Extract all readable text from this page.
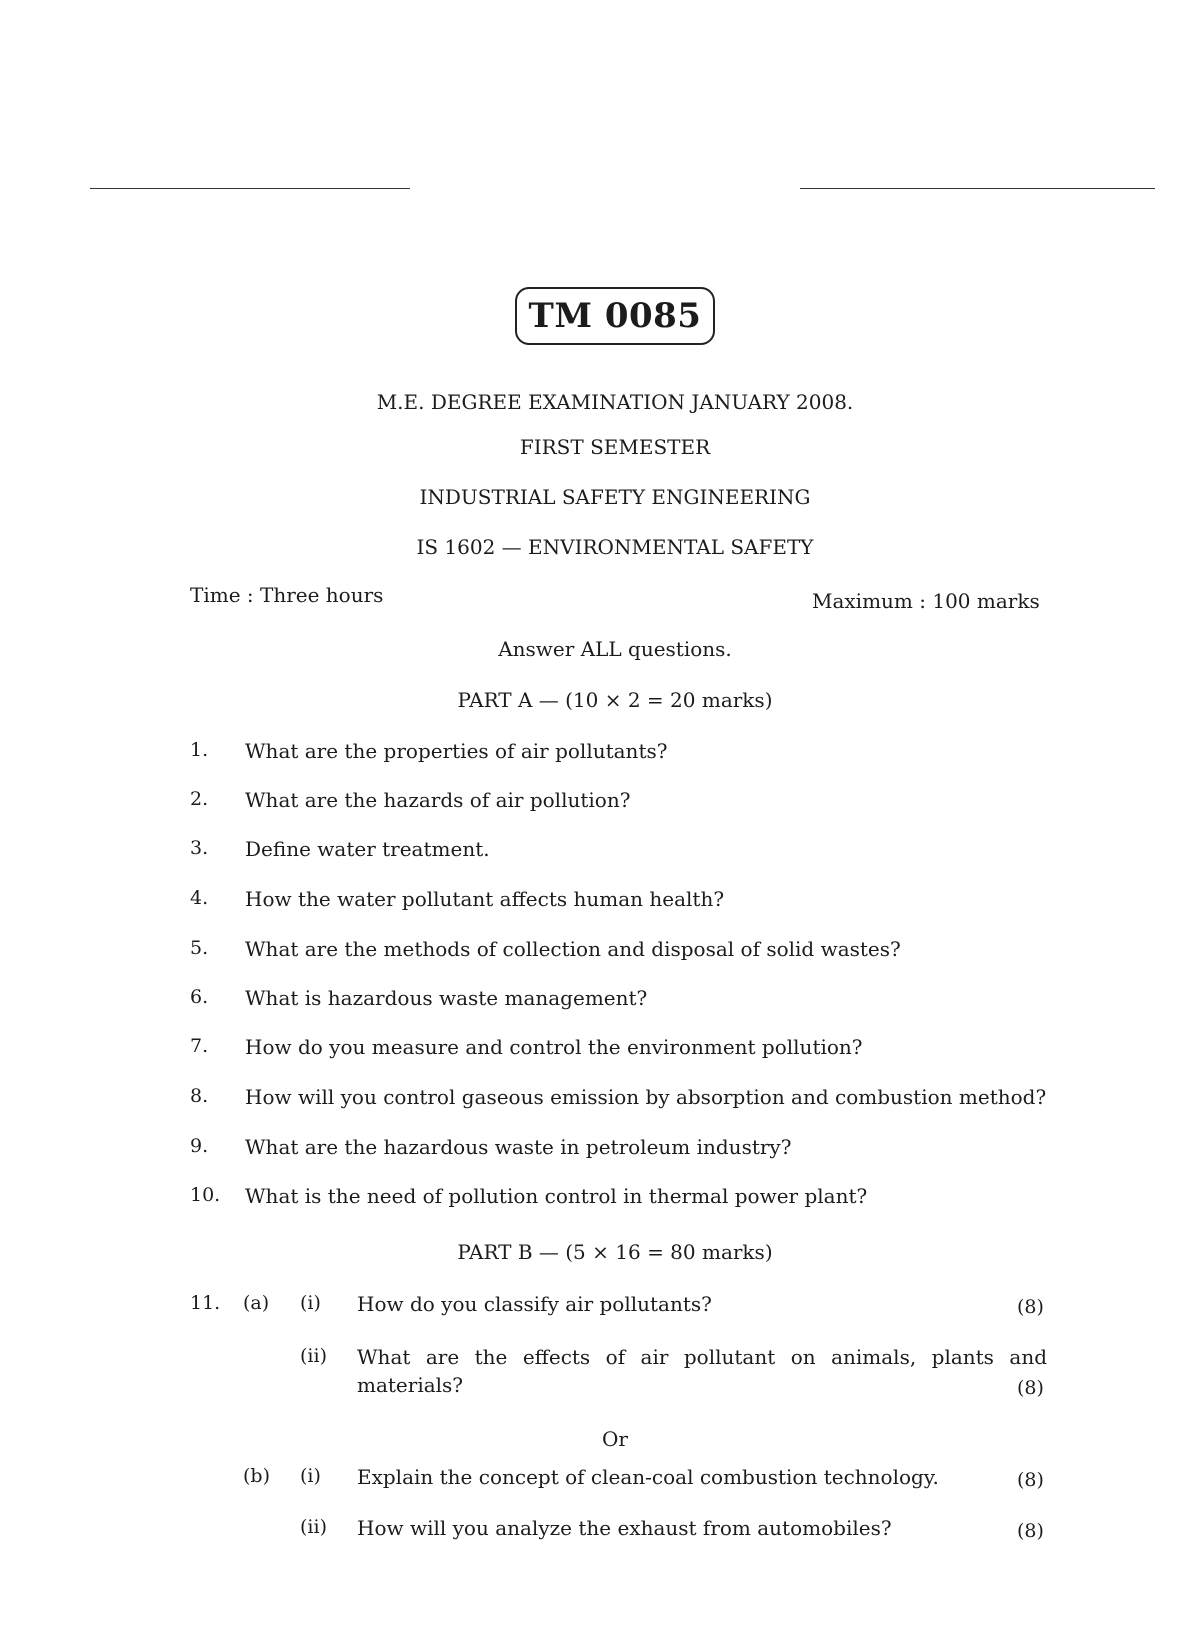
TM 0085
M.E. DEGREE EXAMINATION JANUARY 2008.
FIRST SEMESTER
INDUSTRIAL SAFETY ENGINEERING
IS 1602 — ENVIRONMENTAL SAFETY
Time : Three hours	Maximum : 100 marks
Answer ALL questions.
PART A — (10 × 2 = 20 marks)
1. What are the properties of air pollutants?
2. What are the hazards of air pollution?
3. Define water treatment.
4. How the water pollutant affects human health?
5. What are the methods of collection and disposal of solid wastes?
6. What is hazardous waste management?
7. How do you measure and control the environment pollution?
8. How will you control gaseous emission by absorption and combustion method?
9. What are the hazardous waste in petroleum industry?
10. What is the need of pollution control in thermal power plant?
PART B — (5 × 16 = 80 marks)
11. (a) (i) How do you classify air pollutants?	(8)
(ii) What are the effects of air pollutant on animals, plants and
materials?	(8)
Or
(b) (i) Explain the concept of clean-coal combustion technology.	(8)
(ii) How will you analyze the exhaust from automobiles?	(8)
